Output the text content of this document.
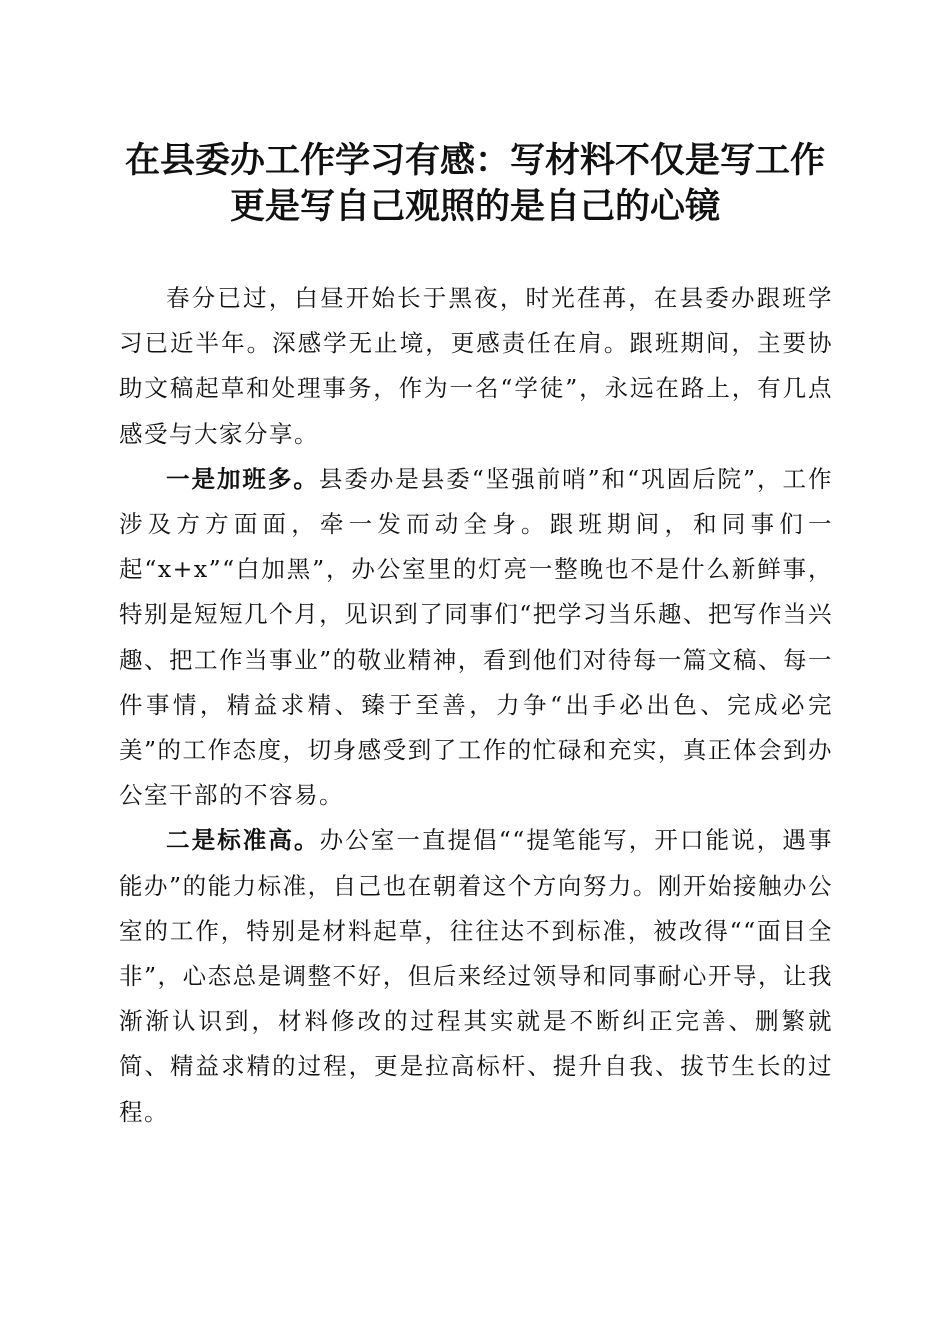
在县委办工作学习有感：写材料不仅是写工作
更是写自己观照的是自己的心镜

春分已过，白昼开始长于黑夜，时光荏苒，在县委办跟班学习已近半年。深感学无止境，更感责任在肩。跟班期间，主要协助文稿起草和处理事务，作为一名“学徒”，永远在路上，有几点感受与大家分享。

一是加班多。县委办是县委“坚强前哨”和“巩固后院”，工作涉及方方面面，牵一发而动全身。跟班期间，和同事们一起“x+x”“白加黑”，办公室里的灯亮一整晚也不是什么新鲜事，特别是短短几个月，见识到了同事们“把学习当乐趣、把写作当兴趣、把工作当事业”的敬业精神，看到他们对待每一篇文稿、每一件事情，精益求精、臻于至善，力争“出手必出色、完成必完美”的工作态度，切身感受到了工作的忙碌和充实，真正体会到办公室干部的不容易。

二是标准高。办公室一直提倡““提笔能写，开口能说，遇事能办”的能力标准，自己也在朝着这个方向努力。刚开始接触办公室的工作，特别是材料起草，往往达不到标准，被改得““面目全非”，心态总是调整不好，但后来经过领导和同事耐心开导，让我渐渐认识到，材料修改的过程其实就是不断纠正完善、删繁就简、精益求精的过程，更是拉高标杆、提升自我、拔节生长的过程。
